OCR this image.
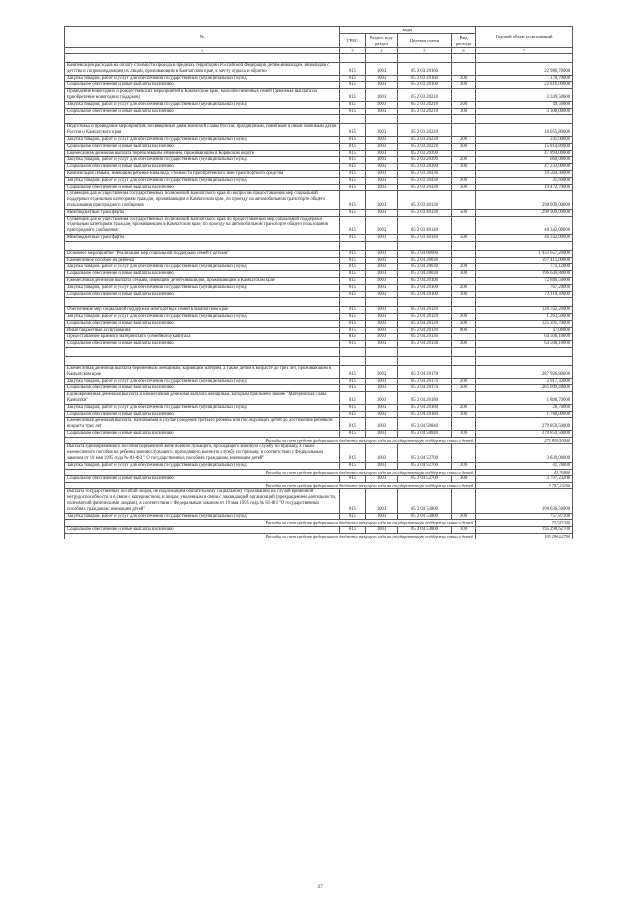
№	коды				Годовой объем ассигнований
	ГРБС	Раздел, под-раздел	Целевая статья	Вид расхода	
1	3	4	5	6	7

Компенсация расходов на оплату стоимости проезда в пределах территории Российской Федерации детям-инвалидам, инвалидам с детства и сопровождающим их лицам, проживающим в Камчатском крае, к месту отдыха и обратно	815	1003	05 2 03 20160		22 986,70000
Закупка товаров, работ и услуг для обеспечения государственных (муниципальных) нужд	815	1003	05 2 03 20160	200	170,70000
Социальное обеспечение и иные выплаты населению	815	1003	05 2 03 20160	300	22 816,00000
Проведение новогодних и рождественских мероприятий в Камчатском крае, малообеспеченных семей (денежная выплата на приобретение новогодних подарков)	815	1003	05 2 03 20210		3 349,50000
Закупка товаров, работ и услуг для обеспечения государственных (муниципальных) нужд	815	1003	05 2 03 20210	200	49,50000
Социальное обеспечение и иные выплаты населению	815	1003	05 2 03 20210	300	3 300,00000

Подготовка и проведение мероприятий, посвященных дням воинской славы России, праздничным, памятным и иным значимым датам России и Камчатского края	815	1003	05 2 03 20220		16 055,80000
Закупка товаров, работ и услуг для обеспечения государственных (муниципальных) нужд	815	1003	05 2 03 20220	200	241,00000
Социальное обеспечение и иные выплаты населению	815	1003	05 2 03 20220	300	15 814,80000
Ежемесячная денежная выплата переболевшим лечением, проживающим в Корякском округе	815	1003	05 2 03 20390		47 893,00000
Закупка товаров, работ и услуг для обеспечения государственных (муниципальных) нужд	815	1003	05 2 03 20390	200	660,00000
Социальное обеспечение и иные выплаты населению	815	1003	05 2 03 20390	300	47 233,00000
Компенсация семьям, имеющим ребенка-инвалида, стоимости приобретенного ими транспортного средства	815	1003	05 2 03 20430		19 504,30000
Закупка товаров, работ и услуг для обеспечения государственных (муниципальных) нужд	815	1003	05 2 03 20430	200	31,60000
Социальное обеспечение и иные выплаты населению	815	1003	05 2 03 20430	300	19 472,70000
Субвенция для осуществления государственных полномочий Камчатского края по вопросам предоставления мер социальной поддержки отдельным категориям граждан, проживающим в Камчатском крае, по проезду на автомобильном транспорте общего пользования пригородного сообщения	815	1003	05 2 03 40130		298 909,00000
Межбюджетные трансферты	815	1003	05 2 03 40130	500	298 909,00000
Субвенция для осуществления государственных полномочий Камчатского края по предоставлению мер социальной поддержки отдельным категориям граждан, проживающим в Камчатском крае, по проезду на автомобильном транспорте общего пользования пригородного сообщения	815	1003	05 2 03 40140		46 342,00000
Межбюджетные трансферты	815	1003	05 2 03 40140	500	46 342,00000

Основное мероприятие "Реализация мер социальной поддержки семей с детьми"	815	1003	05 2 04 00000		1 433 657,20000
Ежемесячное пособие на ребенка	815	1003	05 2 04 20030		197 415,00000
Закупка товаров, работ и услуг для обеспечения государственных (муниципальных) нужд	815	1003	05 2 04 20030	200	774,12000
Социальное обеспечение и иные выплаты населению	815	1003	05 2 04 20030	300	196 640,88000
Ежемесячная денежная выплата семьям, имеющим детей-инвалидов, проживающим в Камчатском крае	815	1003	05 2 04 20100		72 886,50000
Закупка товаров, работ и услуг для обеспечения государственных (муниципальных) нужд	815	1003	05 2 04 20100	200	767,20000
Социальное обеспечение и иные выплаты населению	815	1003	05 2 04 20100	300	72 119,30000

Обеспечение мер социальной поддержки многодетных семей в Камчатском крае	815	1003	05 2 04 20120		126 702,20000
Закупка товаров, работ и услуг для обеспечения государственных (муниципальных) нужд	815	1003	05 2 04 20120	200	1 263,50000
Социальное обеспечение и иные выплаты населению	815	1003	05 2 04 20120	300	125 391,70000
Иные бюджетные ассигнования	815	1003	05 2 04 20120	800	47,00000
Предоставление краевого материнского (семейного) капитала	815	1003	05 2 04 20130		64 508,10000
Социальное обеспечение и иные выплаты населению	815	1003	05 2 04 20130	300	64 508,10000

Ежемесячная денежная выплата беременным женщинам, кормящим матерям, а также детям в возрасте до трех лет, проживающим в Камчатском крае	815	1003	05 2 04 20170		287 926,80000
Закупка товаров, работ и услуг для обеспечения государственных (муниципальных) нужд	815	1003	05 2 04 20170	200	2 917,32000
Социальное обеспечение и иные выплаты населению	815	1003	05 2 04 20170	300	285 009,48000
Единовременная денежная выплата и ежемесячная денежная выплата женщинам, которым присвоено звание "Материнская слава Камчатки"	815	1003	05 2 04 20180		1 806,70000
Закупка товаров, работ и услуг для обеспечения государственных (муниципальных) нужд	815	1003	05 2 04 20180	200	26,70000
Социальное обеспечение и иные выплаты населению	815	1003	05 2 04 20180	300	1 780,00000
Ежемесячная денежная выплата, назначаемая в случае рождения третьего ребенка или последующих детей до достижения ребенком возраста трех лет	815	1003	05 2 04 50840		279 859,50000
Социальное обеспечение и иные выплаты населению	815	1003	05 2 04 50840	300	279 859,50000
Расходы за счет средств федерального бюджета текущего года на государственную поддержку семьи и детей					275 859,50000
Выплата единовременного пособия беременной жене военнослужащего, проходящего военную службу по призыву, а также ежемесячного пособия на ребенка военнослужащего, проходящего военную службу по призыву, в соответствии с Федеральным законом от 19 мая 1995 года № 81-ФЗ " О государственных пособиях гражданам, имеющим детей"	815	1003	05 2 04 52700		3 839,00000
Закупка товаров, работ и услуг для обеспечения государственных (муниципальных) нужд	815	1003	05 2 04 52700	200	41,76800
Расходы за счет средств федерального бюджета текущего года на государственную поддержку семьи и детей					41,76800
Социальное обеспечение и иные выплаты населению	815	1003	05 2 04 52700	300	3 797,23200
Расходы за счет средств федерального бюджета текущего года на государственную поддержку семьи и детей					3 797,23200
Выплата государственных пособий лицам, не подлежащим обязательному социальному страхованию на случай временной нетрудоспособности и в связи с материнством, и лицам, уволенным в связи с ликвидацией организаций (прекращением деятельности, полномочий физическими лицами), в соответствии с Федеральным законом от 19 мая 1995 года № 81-ФЗ "О государственных пособиях гражданам, имеющим детей"	815	1003	05 2 04 53800		196 036,50000
Закупка товаров, работ и услуг для обеспечения государственных (муниципальных) нужд	815	1003	05 2 04 53800	200	757,87300
Расходы за счет средств федерального бюджета текущего года на государственную поддержку семьи и детей					757,87300
Социальное обеспечение и иные выплаты населению	815	1003	05 2 04 53800	300	195 298,62700
Расходы за счет средств федерального бюджета текущего года на государственную поддержку семьи и детей					195 298,62700
37
